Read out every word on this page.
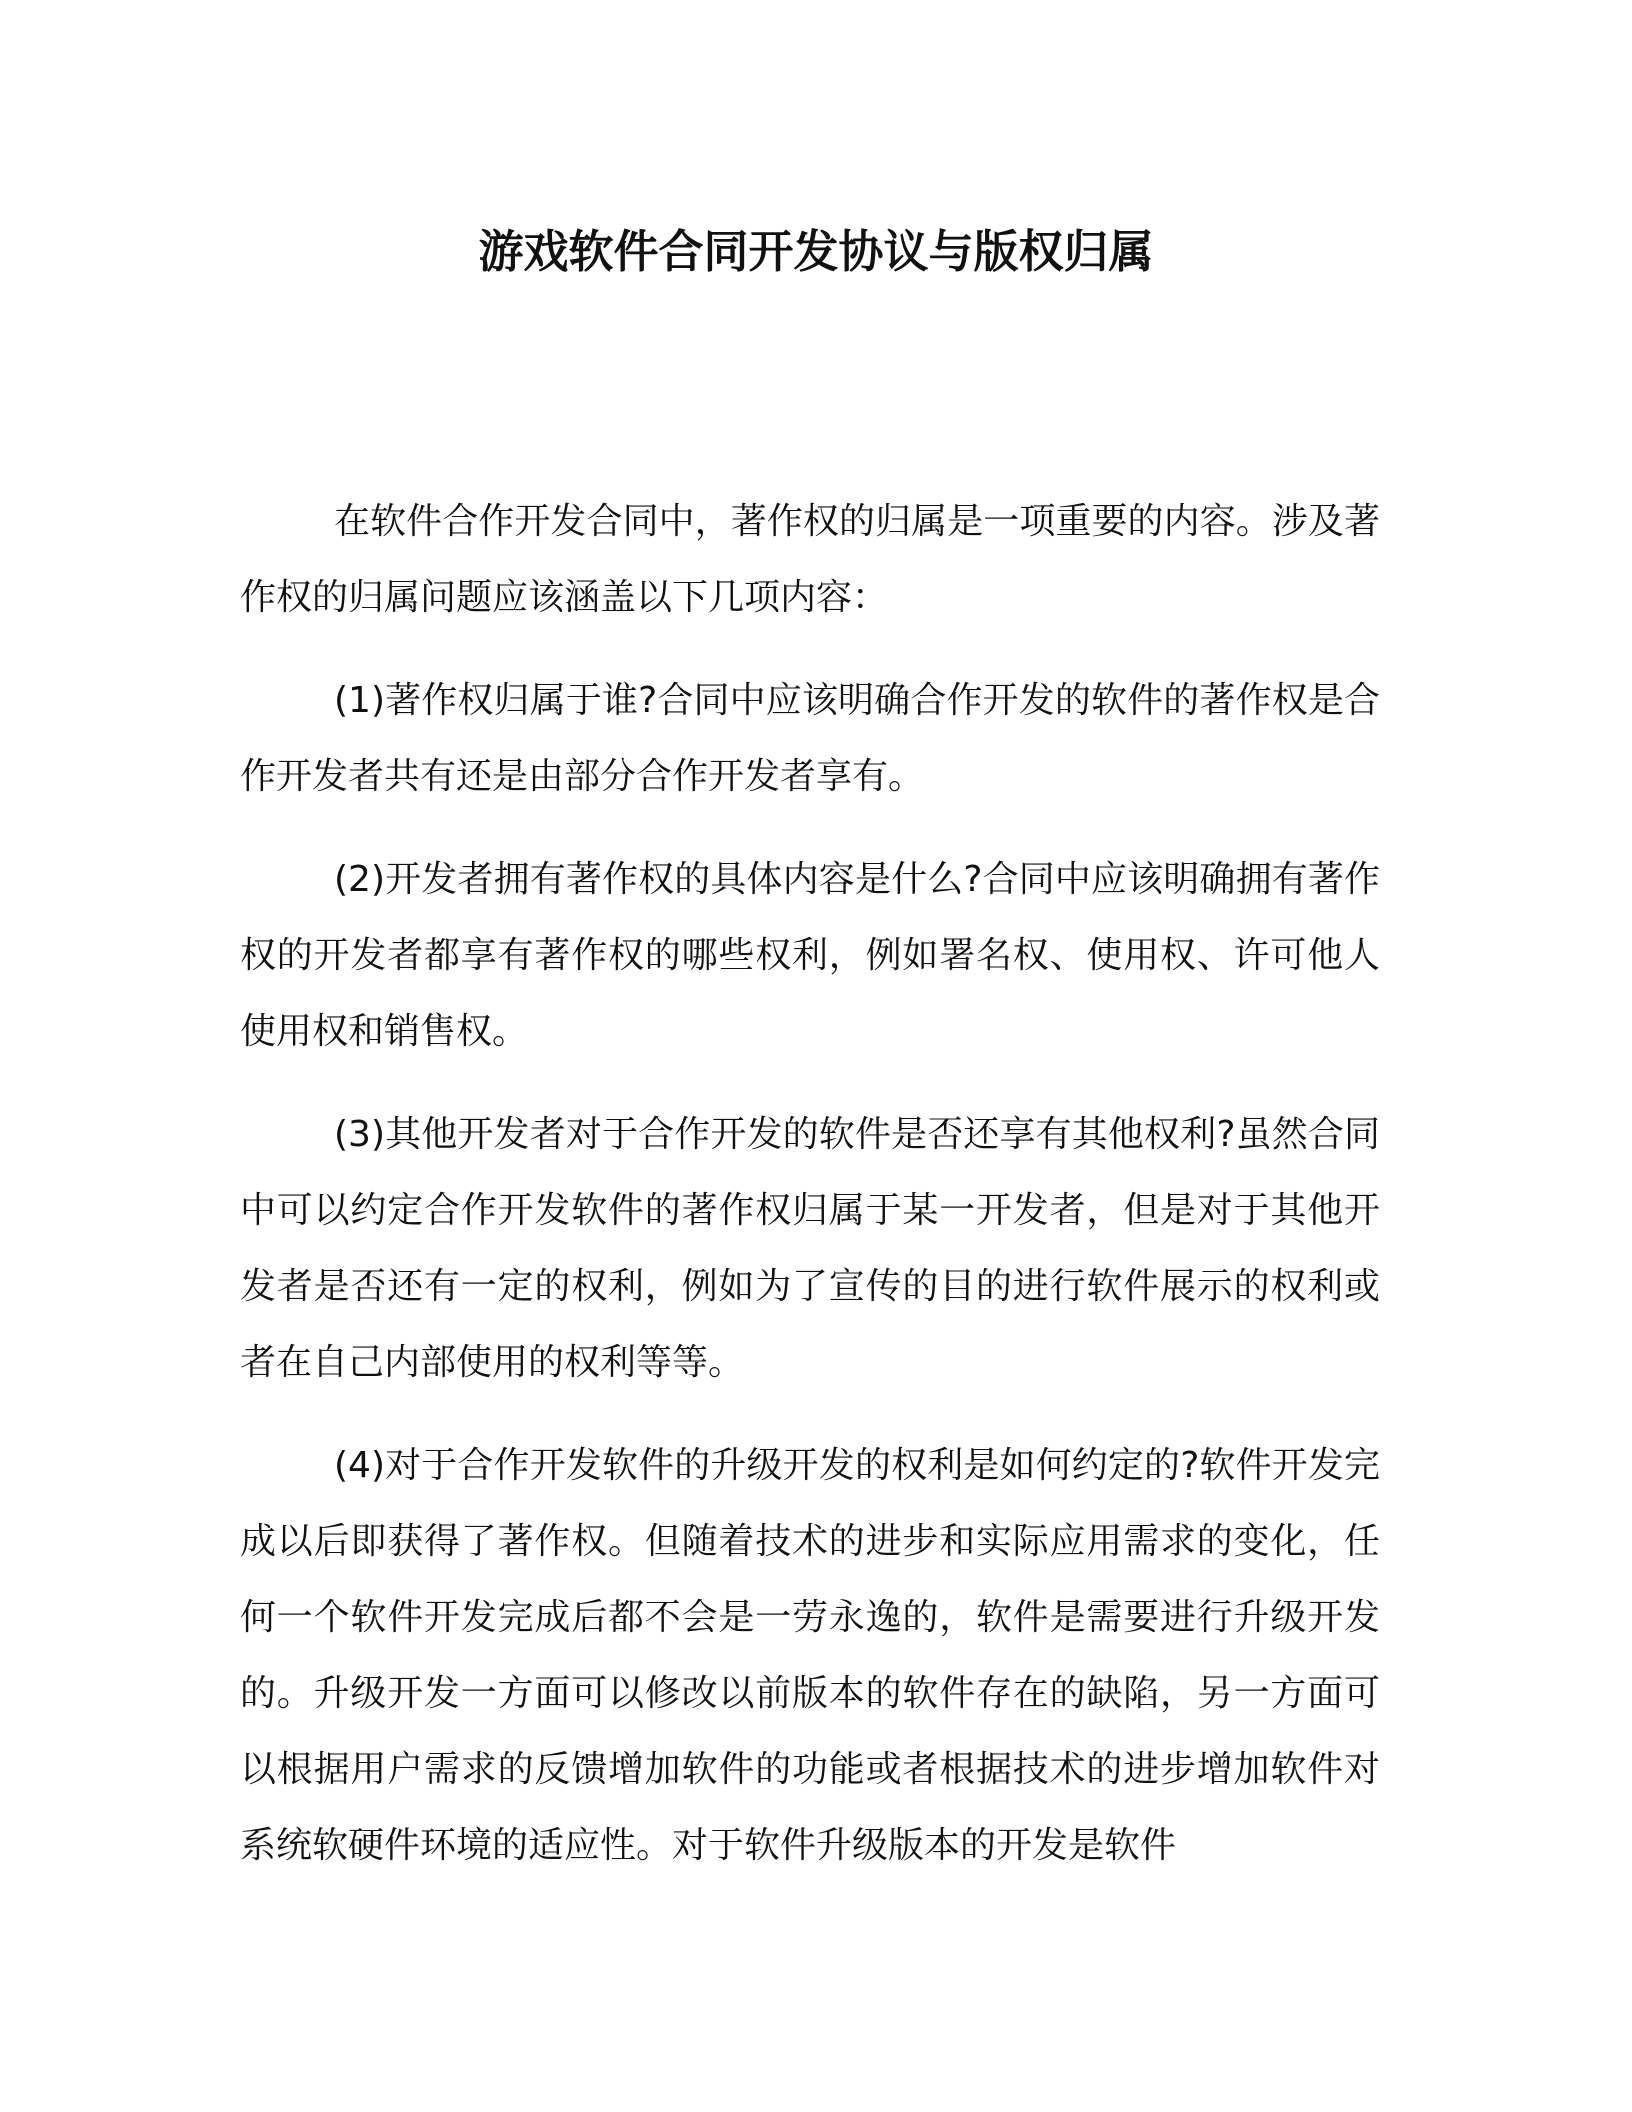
游戏软件合同开发协议与版权归属

在软件合作开发合同中，著作权的归属是一项重要的内容。涉及著作权的归属问题应该涵盖以下几项内容：

(1)著作权归属于谁?合同中应该明确合作开发的软件的著作权是合作开发者共有还是由部分合作开发者享有。

(2)开发者拥有著作权的具体内容是什么?合同中应该明确拥有著作权的开发者都享有著作权的哪些权利，例如署名权、使用权、许可他人使用权和销售权。

(3)其他开发者对于合作开发的软件是否还享有其他权利?虽然合同中可以约定合作开发软件的著作权归属于某一开发者，但是对于其他开发者是否还有一定的权利，例如为了宣传的目的进行软件展示的权利或者在自己内部使用的权利等等。

(4)对于合作开发软件的升级开发的权利是如何约定的?软件开发完成以后即获得了著作权。但随着技术的进步和实际应用需求的变化，任何一个软件开发完成后都不会是一劳永逸的，软件是需要进行升级开发的。升级开发一方面可以修改以前版本的软件存在的缺陷，另一方面可以根据用户需求的反馈增加软件的功能或者根据技术的进步增加软件对系统软硬件环境的适应性。对于软件升级版本的开发是软件
